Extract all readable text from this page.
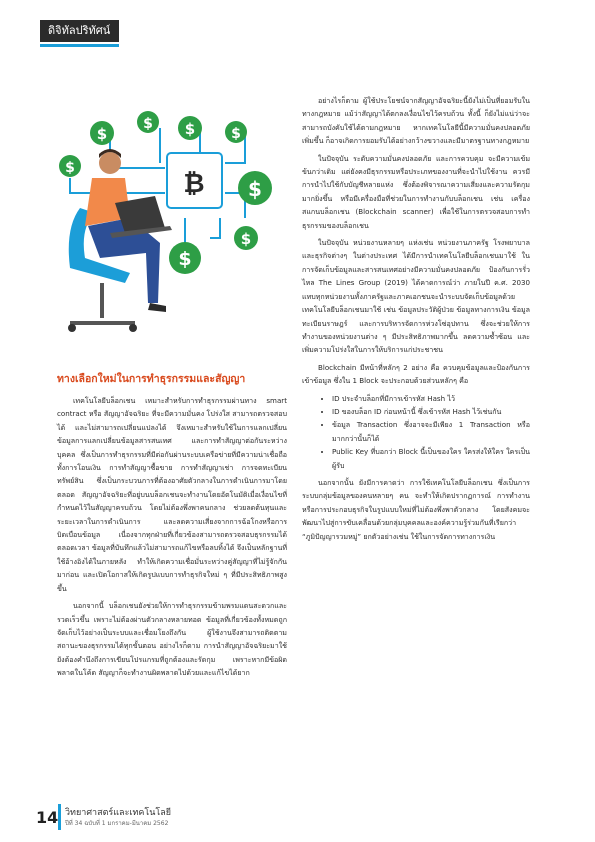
ดิจิทัลปริทัศน์
₿
$
$ $	$
$
$
$
$
ทางเลือกใหม่ในการทำธุรกรรมและสัญญา

เทคโนโลยีบล็อกเชน เหมาะสำหรับการทำธุรกรรมผ่านทาง smart contract หรือ สัญญาอัจฉริยะ ที่จะมีความมั่นคง โปร่งใส สามารถตรวจสอบได้ และไม่สามารถเปลี่ยนแปลงได้ จึงเหมาะสำหรับใช้ในการแลกเปลี่ยนข้อมูลการแลกเปลี่ยนข้อมูลสารสนเทศ และการทำสัญญาต่อกันระหว่างบุคคล ซึ่งเป็นการทำธุรกรรมที่มีต่อกันผ่านระบบเครือข่ายที่มีความน่าเชื่อถือ ทั้งการโอนเงิน การทำสัญญาซื้อขาย การทำสัญญาเช่า การจดทะเบียนทรัพย์สิน ซึ่งเป็นกระบวนการที่ต้องอาศัยตัวกลางในการดำเนินการมาโดยตลอด สัญญาอัจฉริยะที่อยู่บนบล็อกเชนจะทำงานโดยอัตโนมัติเมื่อเงื่อนไขที่กำหนดไว้ในสัญญาครบถ้วน โดยไม่ต้องพึ่งพาคนกลาง ช่วยลดต้นทุนและระยะเวลาในการดำเนินการ และลดความเสี่ยงจากการฉ้อโกงหรือการบิดเบือนข้อมูล เนื่องจากทุกฝ่ายที่เกี่ยวข้องสามารถตรวจสอบธุรกรรมได้ตลอดเวลา ข้อมูลที่บันทึกแล้วไม่สามารถแก้ไขหรือลบทิ้งได้ จึงเป็นหลักฐานที่ใช้อ้างอิงได้ในภายหลัง ทำให้เกิดความเชื่อมั่นระหว่างคู่สัญญาที่ไม่รู้จักกันมาก่อน และเปิดโอกาสให้เกิดรูปแบบการทำธุรกิจใหม่ ๆ ที่มีประสิทธิภาพสูงขึ้น

นอกจากนี้ บล็อกเชนยังช่วยให้การทำธุรกรรมข้ามพรมแดนสะดวกและรวดเร็วขึ้น เพราะไม่ต้องผ่านตัวกลางหลายทอด ข้อมูลที่เกี่ยวข้องทั้งหมดถูกจัดเก็บไว้อย่างเป็นระบบและเชื่อมโยงถึงกัน ผู้ใช้งานจึงสามารถติดตามสถานะของธุรกรรมได้ทุกขั้นตอน อย่างไรก็ตาม การนำสัญญาอัจฉริยะมาใช้ยังต้องคำนึงถึงการเขียนโปรแกรมที่ถูกต้องและรัดกุม เพราะหากมีข้อผิดพลาดในโค้ด สัญญาก็จะทำงานผิดพลาดไปด้วยและแก้ไขได้ยาก

อย่างไรก็ตาม ผู้ใช้ประโยชน์จากสัญญาอัจฉริยะนี้ยังไม่เป็นที่ยอมรับในทางกฎหมาย แม้ว่าสัญญาได้ตกลงเงื่อนไขไว้ครบถ้วน ทั้งนี้ ก็ยังไม่แน่ว่าจะสามารถบังคับใช้ได้ตามกฎหมาย หากเทคโนโลยีนี้มีความมั่นคงปลอดภัยเพิ่มขึ้น ก็อาจเกิดการยอมรับได้อย่างกว้างขวางและมีมาตรฐานทางกฎหมาย

ในปัจจุบัน ระดับความมั่นคงปลอดภัย และการควบคุม จะมีความเข้มข้นกว่าเดิม แต่ยังคงมีธุรกรรมหรือประเภทของงานที่จะนำไปใช้งาน ควรมีการนำไปใช้กับบัญชีหลายแห่ง ซึ่งต้องพิจารณาความเสี่ยงและความรัดกุมมากยิ่งขึ้น หรือมีเครื่องมือที่ช่วยในการทำงานกับบล็อกเชน เช่น เครื่องสแกนบล็อกเชน (Blockchain scanner) เพื่อใช้ในการตรวจสอบการทำธุรกรรมของบล็อกเชน

ในปัจจุบัน หน่วยงานหลายๆ แห่งเช่น หน่วยงานภาครัฐ โรงพยาบาล และธุรกิจต่างๆ ในต่างประเทศ ได้มีการนำเทคโนโลยีบล็อกเชนมาใช้ ในการจัดเก็บข้อมูลและสารสนเทศอย่างมีความมั่นคงปลอดภัย ป้องกันการรั่วไหล The Lines Group (2019) ได้คาดการณ์ว่า ภายในปี ค.ศ. 2030 แทบทุกหน่วยงานทั้งภาครัฐและภาคเอกชนจะนำระบบจัดเก็บข้อมูลด้วยเทคโนโลยีบล็อกเชนมาใช้ เช่น ข้อมูลประวัติผู้ป่วย ข้อมูลทางการเงิน ข้อมูลทะเบียนราษฎร์ และการบริหารจัดการห่วงโซ่อุปทาน ซึ่งจะช่วยให้การทำงานของหน่วยงานต่าง ๆ มีประสิทธิภาพมากขึ้น ลดความซ้ำซ้อน และเพิ่มความโปร่งใสในการให้บริการแก่ประชาชน

Blockchain มีหน้าที่หลักๆ 2 อย่าง คือ ควบคุมข้อมูลและป้องกันการเข้าข้อมูล ซึ่งใน 1 Block จะประกอบด้วยส่วนหลักๆ คือ

• ID ประจำบล็อกที่มีการเข้ารหัส Hash ไว้
• ID ของบล็อก ID ก่อนหน้านี้ ซึ่งเข้ารหัส Hash ไว้เช่นกัน
• ข้อมูล Transaction ซึ่งอาจจะมีเพียง 1 Transaction หรือมากกว่านั้นก็ได้
• Public Key ที่บอกว่า Block นี้เป็นของใคร ใครส่งให้ใคร ใครเป็นผู้รับ

นอกจากนั้น ยังมีการคาดว่า การใช้เทคโนโลยีบล็อกเชน ซึ่งเป็นการระบบกลุ่มข้อมูลของคนหลายๆ คน จะทำให้เกิดปรากฏการณ์ การทำงานหรือการประกอบธุรกิจในรูปแบบใหม่ที่ไม่ต้องพึ่งพาตัวกลาง โดยสังคมจะพัฒนาไปสู่การขับเคลื่อนด้วยกลุ่มบุคคลและองค์ความรู้ร่วมกันที่เรียกว่า “ภูมิปัญญารวมหมู่” ยกตัวอย่างเช่น ใช้ในการจัดการทางการเงิน

14 วิทยาศาสตร์และเทคโนโลยี
ปีที่ 34 ฉบับที่ 1 มกราคม-มีนาคม 2562
